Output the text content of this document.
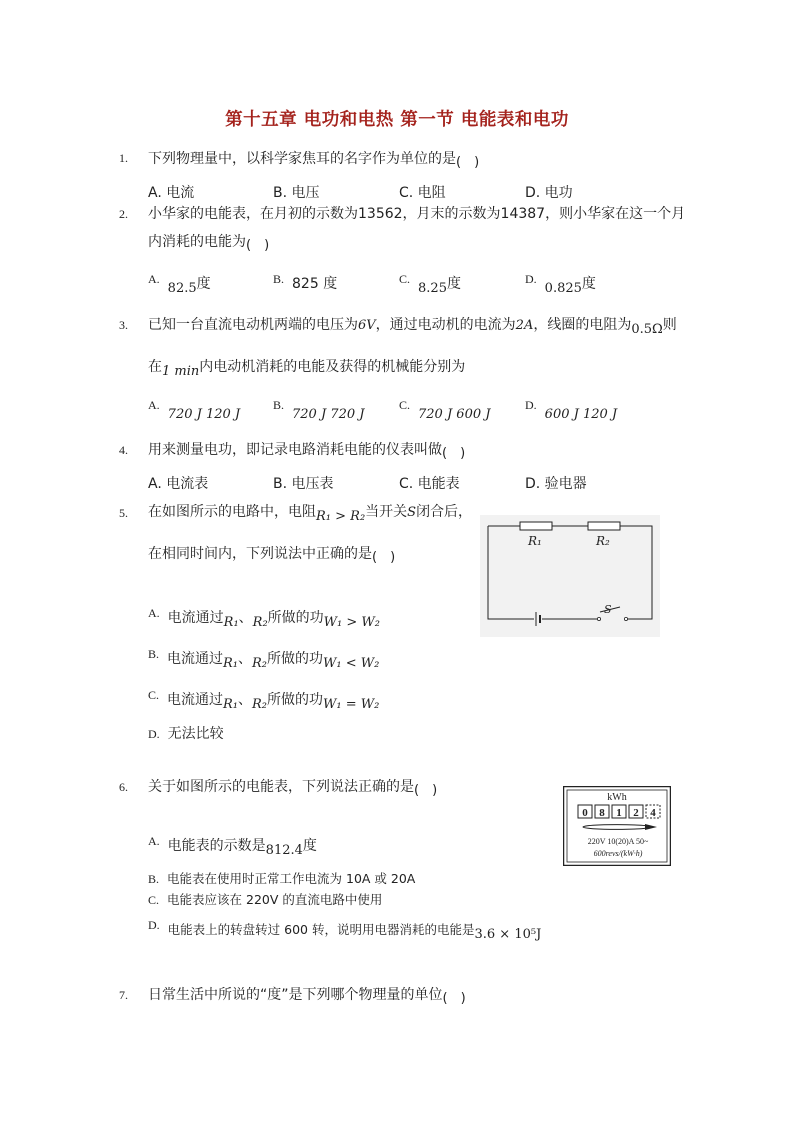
第十五章 电功和电热 第一节 电能表和电功
1. 下列物理量中，以科学家焦耳的名字作为单位的是(　)
A. 电流	B. 电压	C. 电阻	D. 电功
2. 小华家的电能表，在月初的示数为13562，月末的示数为14387，则小华家在这一个月
内消耗的电能为(　)
A.82.5度	B. 825 度	C.8.25度	D.0.825度
3. 已知一台直流电动机两端的电压为6V，通过电动机的电流为2A，线圈的电阻为0.5Ω则
在1 min内电动机消耗的电能及获得的机械能分别为
A.720 J 120 J
B.720 J 720 J
C.720 J 600 J
D.600 J 120 J
4. 用来测量电功，即记录电路消耗电能的仪表叫做(　)
A. 电流表	B. 电压表	C. 电能表	D. 验电器
5. 在如图所示的电路中，电阻R₁ > R₂当开关S闭合后，
在相同时间内，下列说法中正确的是(　)
A. 电流通过R₁、R₂所做的功W₁ > W₂
B. 电流通过R₁、R₂所做的功W₁ < W₂
C. 电流通过R₁、R₂所做的功W₁ = W₂
D. 无法比较
R₁	R₂
S
6. 关于如图所示的电能表，下列说法正确的是(　)
A. 电能表的示数是812.4度
B. 电能表在使用时正常工作电流为 10A 或 20A
C. 电能表应该在 220V 的直流电路中使用
D. 电能表上的转盘转过 600 转，说明用电器消耗的电能是3.6 × 10⁵J
kWh
0 8 1 2 4
220V 10(20)A 50~
600revs/(kW·h)
7. 日常生活中所说的“度”是下列哪个物理量的单位(　)
